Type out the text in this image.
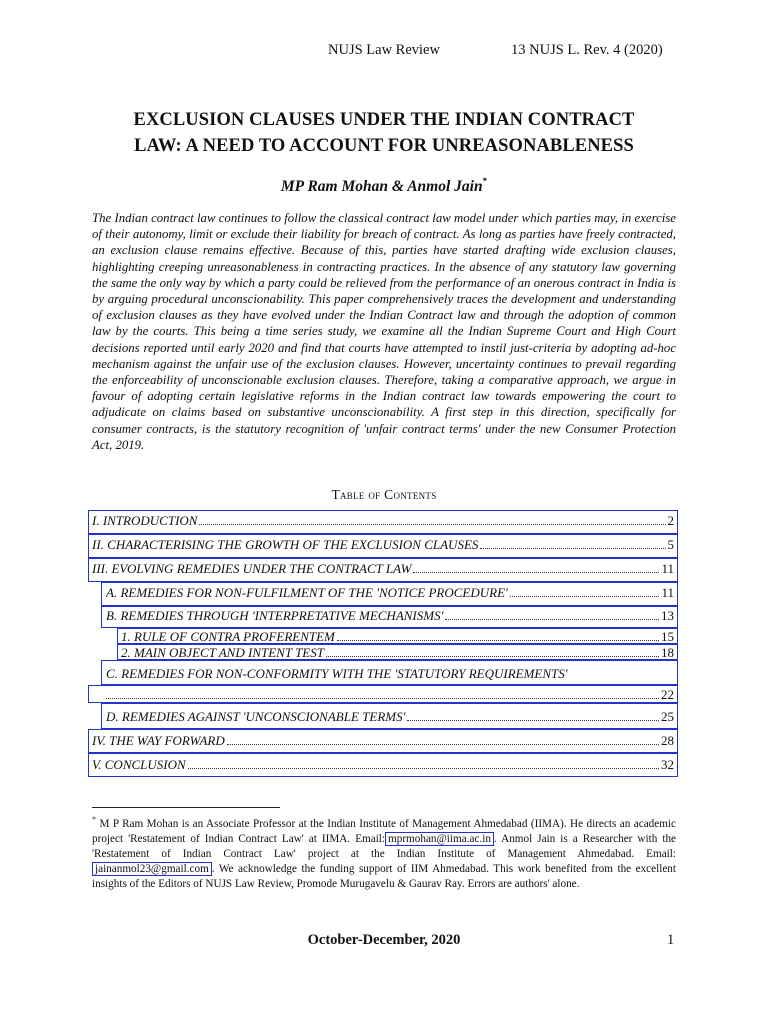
NUJS Law Review	13 NUJS L. Rev. 4 (2020)
EXCLUSION CLAUSES UNDER THE INDIAN CONTRACT
LAW: A NEED TO ACCOUNT FOR UNREASONABLENESS
MP Ram Mohan & Anmol Jain*

The Indian contract law continues to follow the classical contract law model under which parties may, in exercise of their autonomy, limit or exclude their liability for breach of contract. As long as parties have freely contracted, an exclusion clause remains effective. Because of this, parties have started drafting wide exclusion clauses, highlighting creeping unreasonableness in contracting practices. In the absence of any statutory law governing the same the only way by which a party could be relieved from the performance of an onerous contract in India is by arguing procedural unconscionability. This paper comprehensively traces the development and understanding of exclusion clauses as they have evolved under the Indian Contract law and through the adoption of common law by the courts. This being a time series study, we examine all the Indian Supreme Court and High Court decisions reported until early 2020 and find that courts have attempted to instil just-criteria by adopting ad-hoc mechanism against the unfair use of the exclusion clauses. However, uncertainty continues to prevail regarding the enforceability of unconscionable exclusion clauses. Therefore, taking a comparative approach, we argue in favour of adopting certain legislative reforms in the Indian contract law towards empowering the court to adjudicate on claims based on substantive unconscionability. A first step in this direction, specifically for consumer contracts, is the statutory recognition of 'unfair contract terms' under the new Consumer Protection Act, 2019.

Table of Contents
I. INTRODUCTION	2
II. CHARACTERISING THE GROWTH OF THE EXCLUSION CLAUSES	5
III. EVOLVING REMEDIES UNDER THE CONTRACT LAW	11
A. REMEDIES FOR NON-FULFILMENT OF THE 'NOTICE PROCEDURE'	11
B. REMEDIES THROUGH 'INTERPRETATIVE MECHANISMS'	13
1. RULE OF CONTRA PROFERENTEM	15
2. MAIN OBJECT AND INTENT TEST	18
C. REMEDIES FOR NON-CONFORMITY WITH THE 'STATUTORY REQUIREMENTS'
22
D. REMEDIES AGAINST 'UNCONSCIONABLE TERMS'	25
IV. THE WAY FORWARD	28
V. CONCLUSION	32

* M P Ram Mohan is an Associate Professor at the Indian Institute of Management Ahmedabad (IIMA). He directs an academic project 'Restatement of Indian Contract Law' at IIMA. Email: mprmohan@iima.ac.in . Anmol Jain is a Researcher with the 'Restatement of Indian Contract Law' project at the Indian Institute of Management Ahmedabad. Email: jainanmol23@gmail.com . We acknowledge the funding support of IIM Ahmedabad. This work benefited from the excellent insights of the Editors of NUJS Law Review, Promode Murugavelu & Gaurav Ray. Errors are authors' alone.

October-December, 2020	1
